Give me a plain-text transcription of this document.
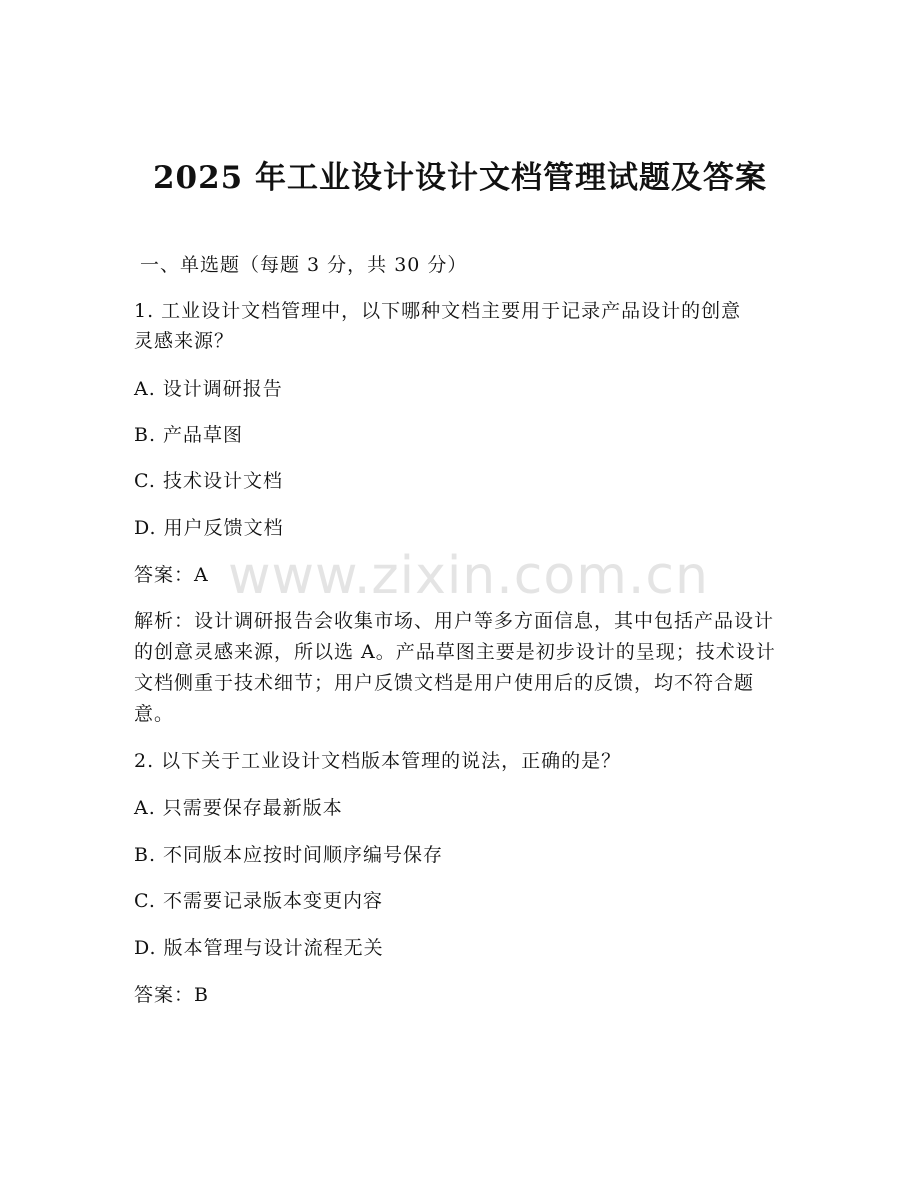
www.zixin.com.cn
2025 年工业设计设计文档管理试题及答案
一、单选题（每题 3 分，共 30 分）
1. 工业设计文档管理中，以下哪种文档主要用于记录产品设计的创意
灵感来源？
A. 设计调研报告
B. 产品草图
C. 技术设计文档
D. 用户反馈文档
答案：A
解析：设计调研报告会收集市场、用户等多方面信息，其中包括产品设计的创意灵感来源，所以选 A。产品草图主要是初步设计的呈现；技术设计文档侧重于技术细节；用户反馈文档是用户使用后的反馈，均不符合题意。
2. 以下关于工业设计文档版本管理的说法，正确的是？
A. 只需要保存最新版本
B. 不同版本应按时间顺序编号保存
C. 不需要记录版本变更内容
D. 版本管理与设计流程无关
答案：B
